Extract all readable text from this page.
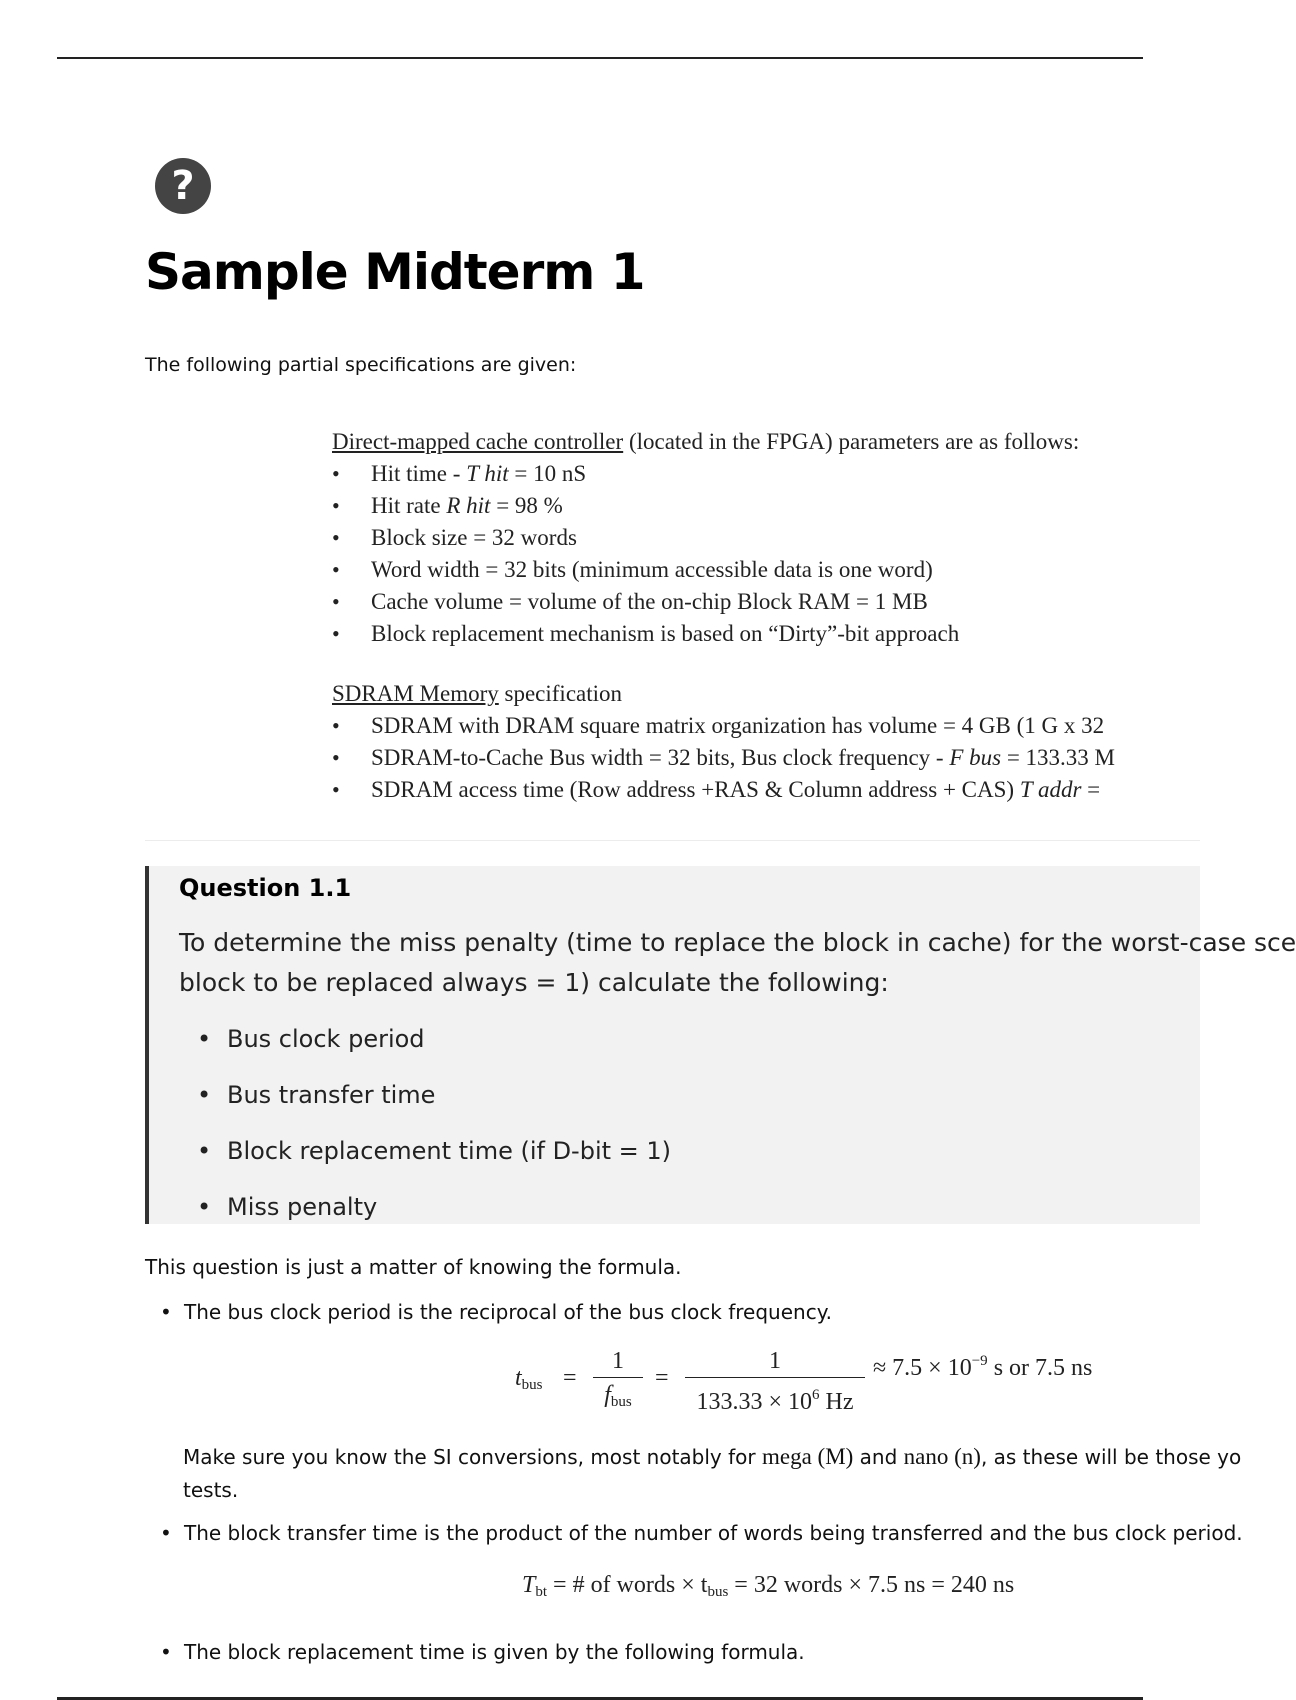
?
Sample Midterm 1
The following partial specifications are given:
Direct-mapped cache controller (located in the FPGA) parameters are as follows:
• Hit time - T hit = 10 nS
• Hit rate R hit = 98 %
• Block size = 32 words
• Word width = 32 bits (minimum accessible data is one word)
• Cache volume = volume of the on-chip Block RAM = 1 MB
• Block replacement mechanism is based on “Dirty”-bit approach
SDRAM Memory specification
• SDRAM with DRAM square matrix organization has volume = 4 GB (1 G x 32
• SDRAM-to-Cache Bus width = 32 bits, Bus clock frequency - F bus = 133.33 M
• SDRAM access time (Row address +RAS & Column address + CAS) T addr =
Question 1.1
To determine the miss penalty (time to replace the block in cache) for the worst-case sce
block to be replaced always = 1) calculate the following:
• Bus clock period
• Bus transfer time
• Block replacement time (if D-bit = 1)
• Miss penalty
This question is just a matter of knowing the formula.
• The bus clock period is the reciprocal of the bus clock frequency.
$t_{bus}$ =
1
$f_{bus}$
= $\frac{1}{133.33 \times 10^6 Hz} \approx 7.5 \times 10^{-9}$ s or 7.5 ns
Make sure you know the SI conversions, most notably for mega (M) and nano (n), as these will be those yo
tests.
• The block transfer time is the product of the number of words being transferred and the bus clock period.
$T_{bt}$ = # of words × $t_{bus} = 32$ words × 7.5 ns = 240 ns
• The block replacement time is given by the following formula.
